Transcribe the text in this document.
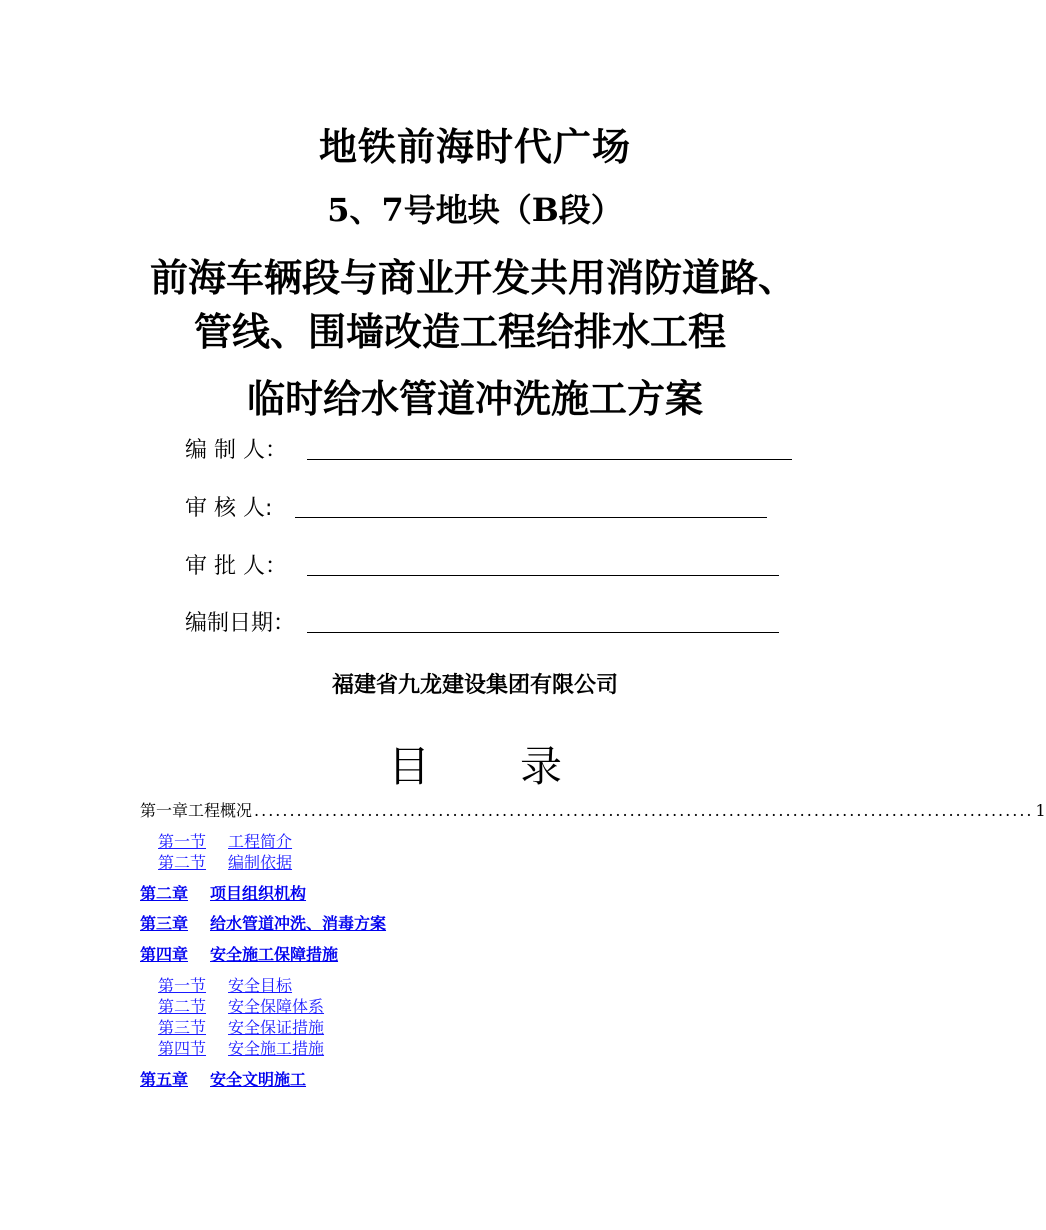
地铁前海时代广场
5、7号地块（B段）
前海车辆段与商业开发共用消防道路、
管线、围墙改造工程给排水工程
临时给水管道冲洗施工方案
编 制 人：
审 核 人:
审 批 人：
编制日期：
福建省九龙建设集团有限公司
目 录
第一章 工程概况 .............................................................................................................. 1
第一节 工程简介
第二节 编制依据
第二章 项目组织机构
第三章 给水管道冲洗、消毒方案
第四章 安全施工保障措施
第一节 安全目标
第二节 安全保障体系
第三节 安全保证措施
第四节 安全施工措施
第五章 安全文明施工
